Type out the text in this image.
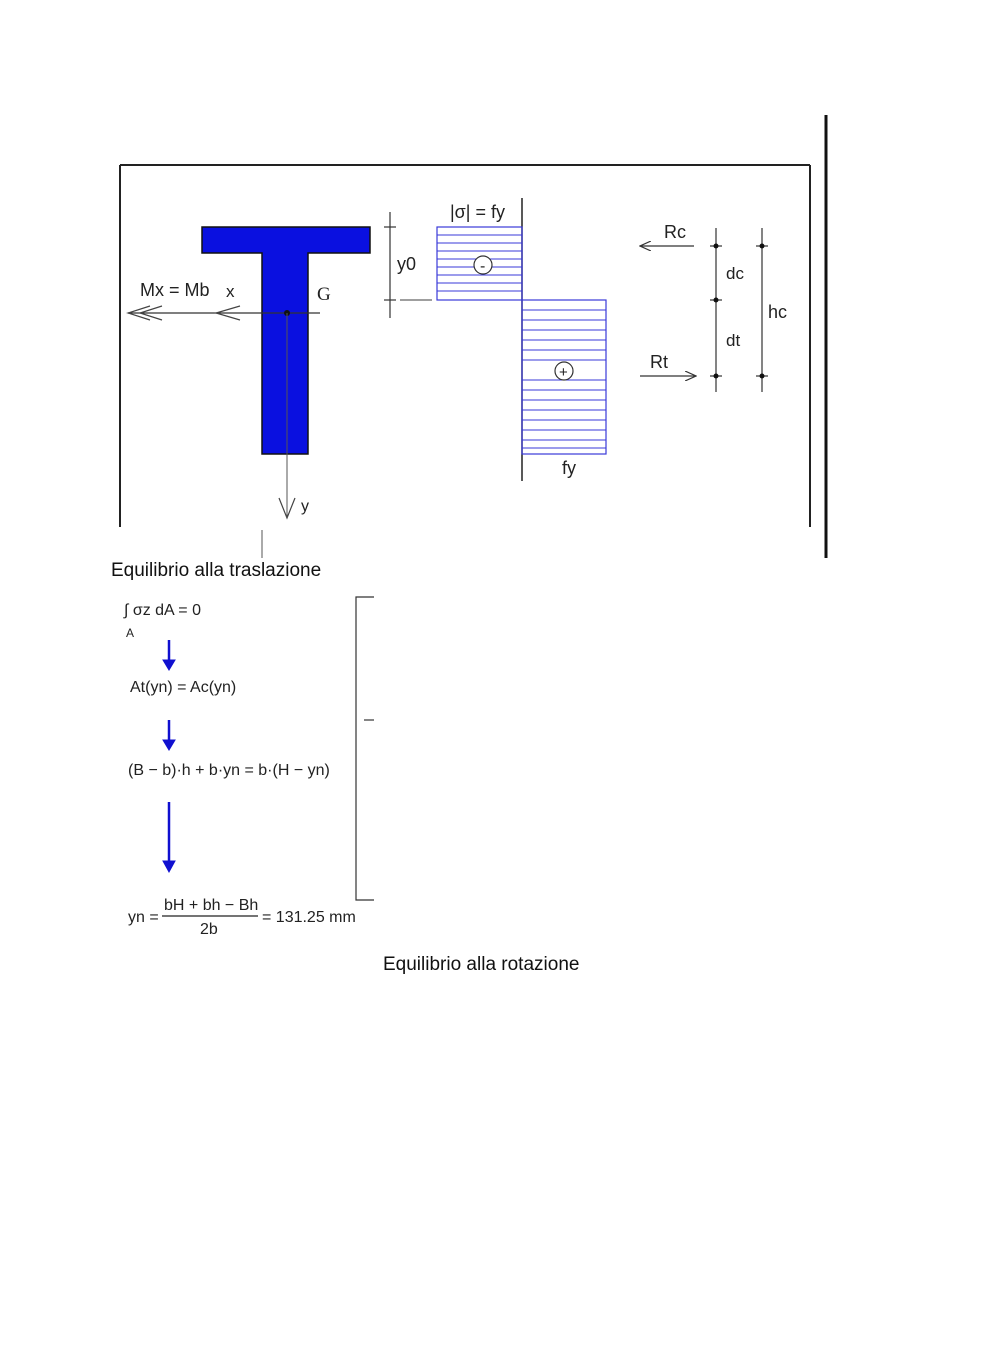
Mx = Mb x	G
y
y0	-
|σ| = fy
+
fy
Rc
Rt
dc
dt
hc
Equilibrio alla traslazione
∫ σz dA = 0
A
At(yn) = Ac(yn)
(B − b)·h + b·yn = b·(H − yn)
yn =
bH + bh − Bh
2b
= 131.25 mm
Equilibrio alla rotazione
